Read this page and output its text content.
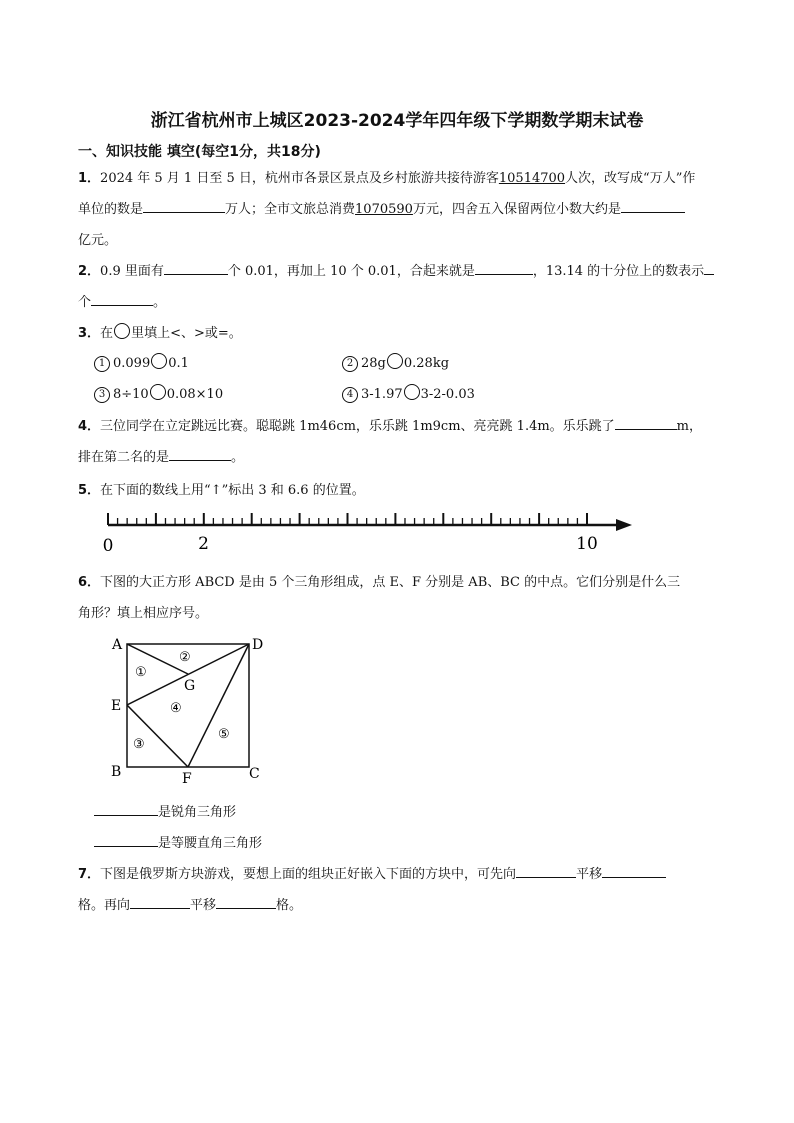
浙江省杭州市上城区2023-2024学年四年级下学期数学期末试卷
一、知识技能 填空(每空1分，共18分)
1．2024 年 5 月 1 日至 5 日，杭州市各景区景点及乡村旅游共接待游客10514700人次，改写成“万人”作
单位的数是	万人；全市文旅总消费1070590万元，四舍五入保留两位小数大约是
亿元。
2．0.9 里面有	个 0.01，再加上 10 个 0.01，合起来就是	，13.14 的十分位上的数表示
个	。
3．在 里填上<、>或=。
1 0.099 0.1	2 28g 0.28kg
3 8÷10 0.08×10	4 3-1.97 3-2-0.03
4．三位同学在立定跳远比赛。聪聪跳 1m46cm，乐乐跳 1m9cm、亮亮跳 1.4m。乐乐跳了	m，
排在第二名的是	。
5．在下面的数线上用“↑”标出 3 和 6.6 的位置。
0	2	10
6．下图的大正方形 ABCD 是由 5 个三角形组成，点 E、F 分别是 AB、BC 的中点。它们分别是什么三
角形？填上相应序号。
A	D
E
G
B	F	C
①
②
③
④
⑤
是锐角三角形
是等腰直角三角形
7．下图是俄罗斯方块游戏，要想上面的组块正好嵌入下面的方块中，可先向	平移
格。再向	平移	格。
